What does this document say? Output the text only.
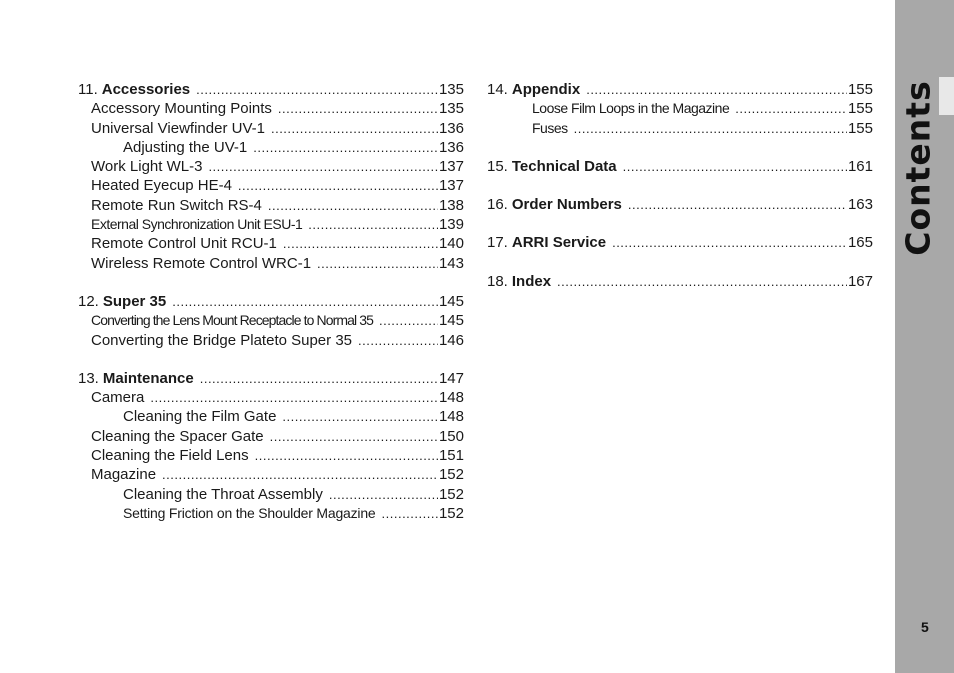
11. Accessories .....	135
Accessory Mounting Points .....	135
Universal Viewfinder UV-1 .....	136
Adjusting the UV-1 .....	136
Work Light WL-3 .....	137
Heated Eyecup HE-4 .....	137
Remote Run Switch RS-4 .....	138
External Synchronization Unit ESU-1 .....	139
Remote Control Unit RCU-1 .....	140
Wireless Remote Control WRC-1 .....	143
12. Super 35 .....	145
Converting the Lens Mount Receptacle to Normal 35 .....	145
Converting the Bridge Plateto Super 35 .....	146
13. Maintenance .....	147
Camera .....	148
Cleaning the Film Gate .....	148
Cleaning the Spacer Gate .....	150
Cleaning the Field Lens .....	151
Magazine .....	152
Cleaning the Throat Assembly .....	152
Setting Friction on the Shoulder Magazine .....	152
14. Appendix .....	155
Loose Film Loops in the Magazine .....	155
Fuses .....	155
15. Technical Data .....	161
16. Order Numbers .....	163
17. ARRI Service .....	165
18. Index .....	167
Contents
5
